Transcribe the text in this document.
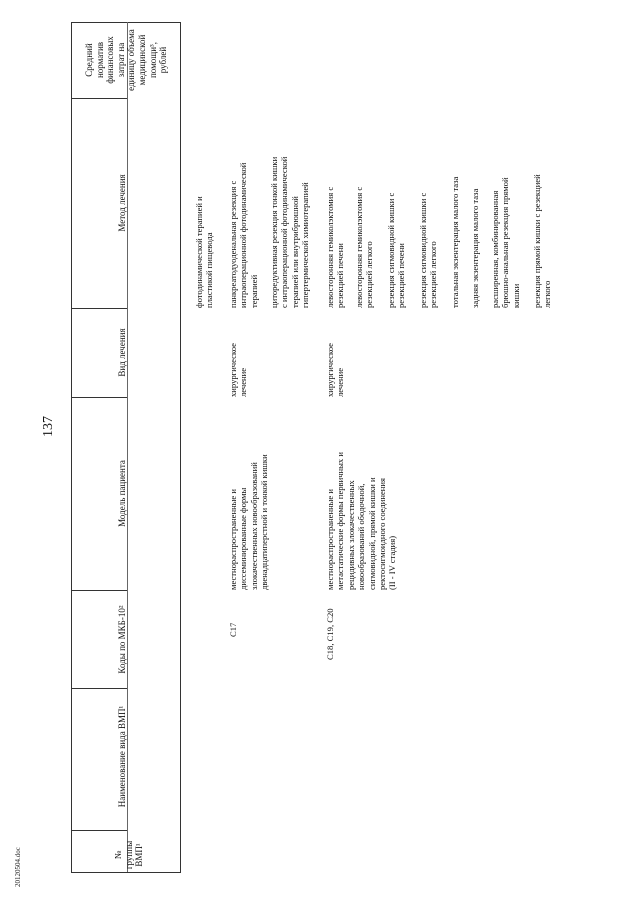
137
20120504.doc	№ группы ВМП¹
Наименование вида ВМП¹
Коды по МКБ-10²
Модель пациента
Вид лечения
Метод лечения
Средний норматив финансовых затрат на единицу объема медицинской помощи³, рублей
фотодинамической терапией и пластикой пищевода
C17
местнораспространенные и диссеминированные формы злокачественных новообразований двенадцатиперстной и тонкой кишки
хирургическое лечение
панкреатодуоденальная резекция с интраоперационной фотодинамической терапией циторедуктивная резекция тонкой кишки с интраоперационной фотодинамической терапией или внутрибрюшной гипертермической химиотерапией
C18, C19, C20
местнораспространенные и метастатические формы первичных и рецидивных злокачественных новообразований ободочной, сигмовидной, прямой кишки и ректосигмоидного соединения (II - IV стадия)
хирургическое лечение
левосторонняя гемиколэктомия с резекцией печени левосторонняя гемиколэктомия с резекцией легкого резекция сигмовидной кишки с резекцией печени резекция сигмовидной кишки с резекцией легкого тотальная экзентерация малого таза задняя экзентерация малого таза расширенная, комбинированная брюшно-анальная резекция прямой кишки резекция прямой кишки с резекцией легкого
